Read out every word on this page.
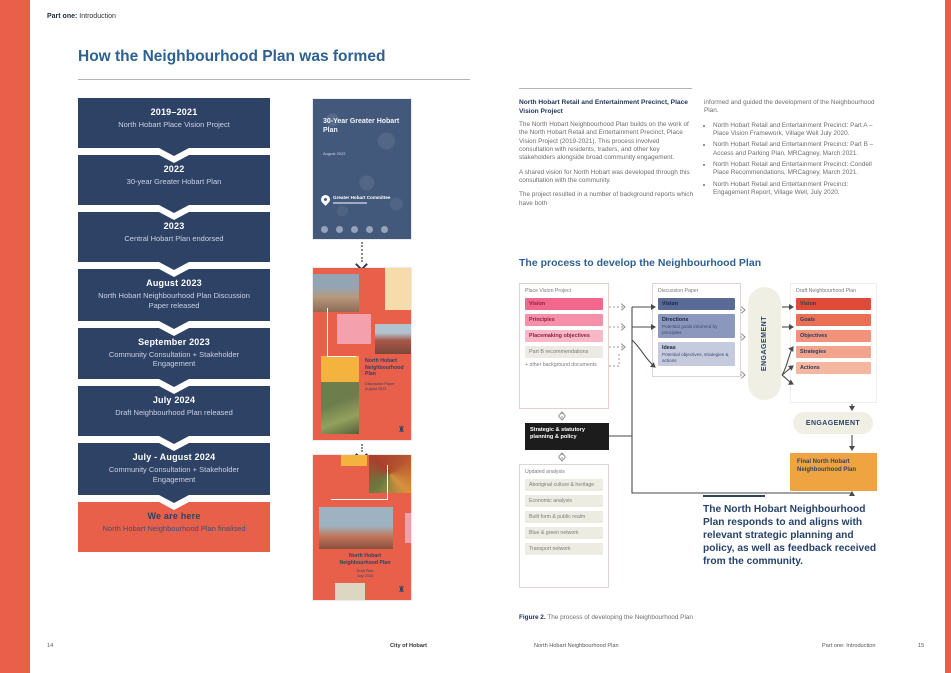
Part one: Introduction
How the Neighbourhood Plan was formed
2019–2021
North Hobart Place Vision Project
2022
30-year Greater Hobart Plan
2023
Central Hobart Plan endorsed
August 2023
North Hobart Neighbourhood Plan Discussion Paper released
September 2023
Community Consultation + Stakeholder Engagement
July 2024
Draft Neighbourhood Plan released
July - August 2024
Community Consultation + Stakeholder Engagement
We are here
North Hobart Neighbourhood Plan finalised
30-Year Greater Hobart Plan
August 2022
Greater Hobart Committee
North Hobart Neighbourhood Plan
Discussion Paper
August 2023
♜
North Hobart Neighbourhood Plan
Draft Plan
July 2024
♜
North Hobart Retail and Entertainment Precinct, Place Vision Project

The North Hobart Neighbourhood Plan builds on the work of the North Hobart Retail and Entertainment Precinct, Place Vision Project (2019-2021). This process involved consultation with residents, traders, and other key stakeholders alongside broad community engagement.

A shared vision for North Hobart was developed through this consultation with the community.

The project resulted in a number of background reports which have both

informed and guided the development of the Neighbourhood Plan.

• North Hobart Retail and Entertainment Precinct: Part A – Place Vision Framework, Village Well July 2020.
• North Hobart Retail and Entertainment Precinct: Part B – Access and Parking Plan, MRCagney, March 2021.
• North Hobart Retail and Entertainment Precinct: Condell Place Recommendations, MRCagney, March 2021.
• North Hobart Retail and Entertainment Precinct: Engagement Report, Village Well, July 2020.
The process to develop the Neighbourhood Plan
Place Vision Project
Vision
Principles
Placemaking objectives
Part B recommendations
+ other background documents
Discussion Paper
Vision
Directions
Potential goals informed by principles
Ideas
Potential objectives, strategies & actions	ENGAGEMENT
Draft Neighbourhood Plan
Vision
Goals
Objectives
Strategies
Actions
Strategic & statutory planning & policy
Updated analysis
Aboriginal culture & heritage
Economic analysis
Built form & public realm
Blue & green network
Transport network
ENGAGEMENT
Final North Hobart Neighbourhood Plan
The North Hobart Neighbourhood Plan responds to and aligns with relevant strategic planning and policy, as well as feedback received from the community.
Figure 2. The process of developing the Neighbourhood Plan
14	City of Hobart	North Hobart Neighbourhood Plan	Part one: Introduction	15
